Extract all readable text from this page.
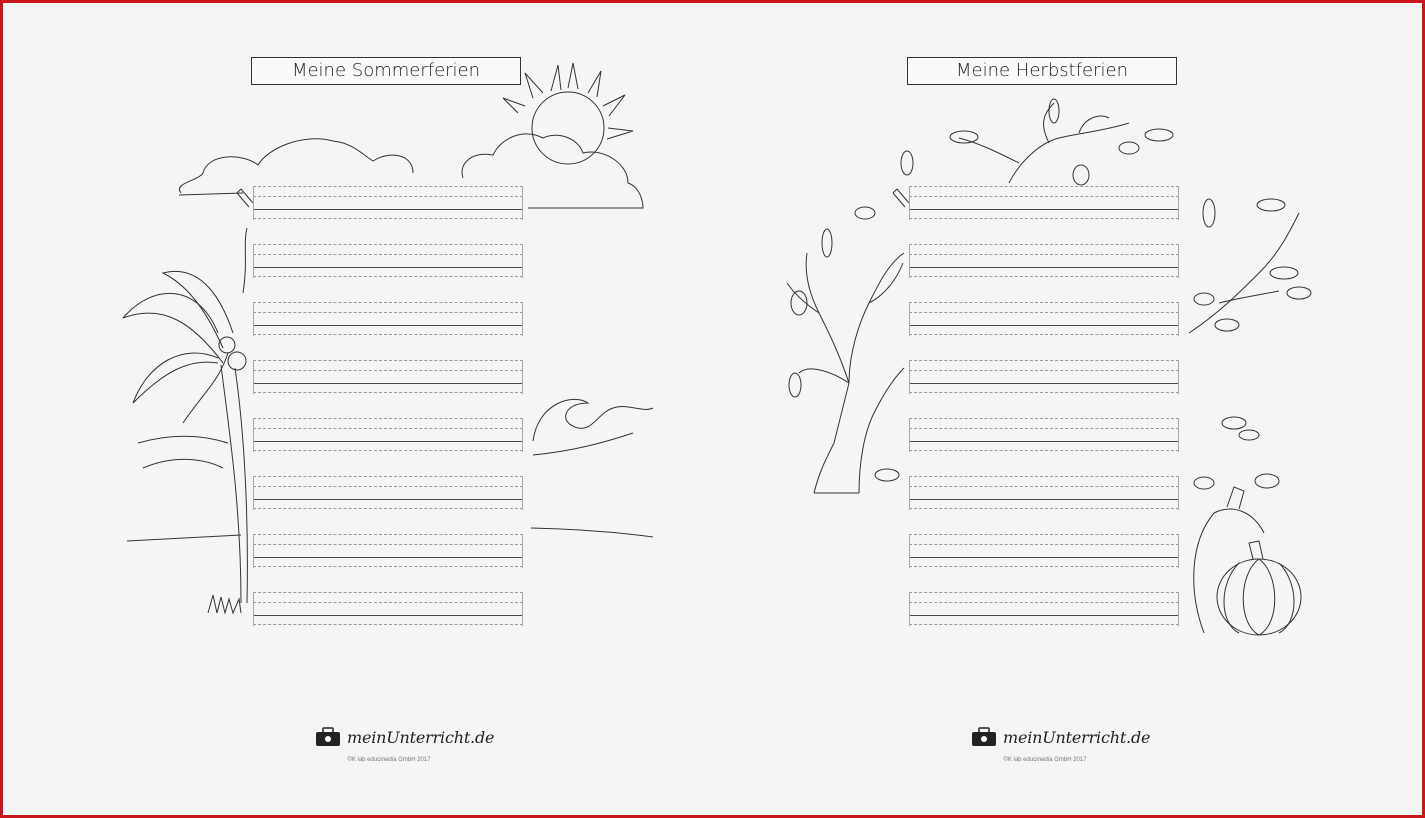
Meine Sommerferien
meinUnterricht.de
©K lab educmedia GmbH 2017
Meine Herbstferien
meinUnterricht.de
©K lab educmedia GmbH 2017
